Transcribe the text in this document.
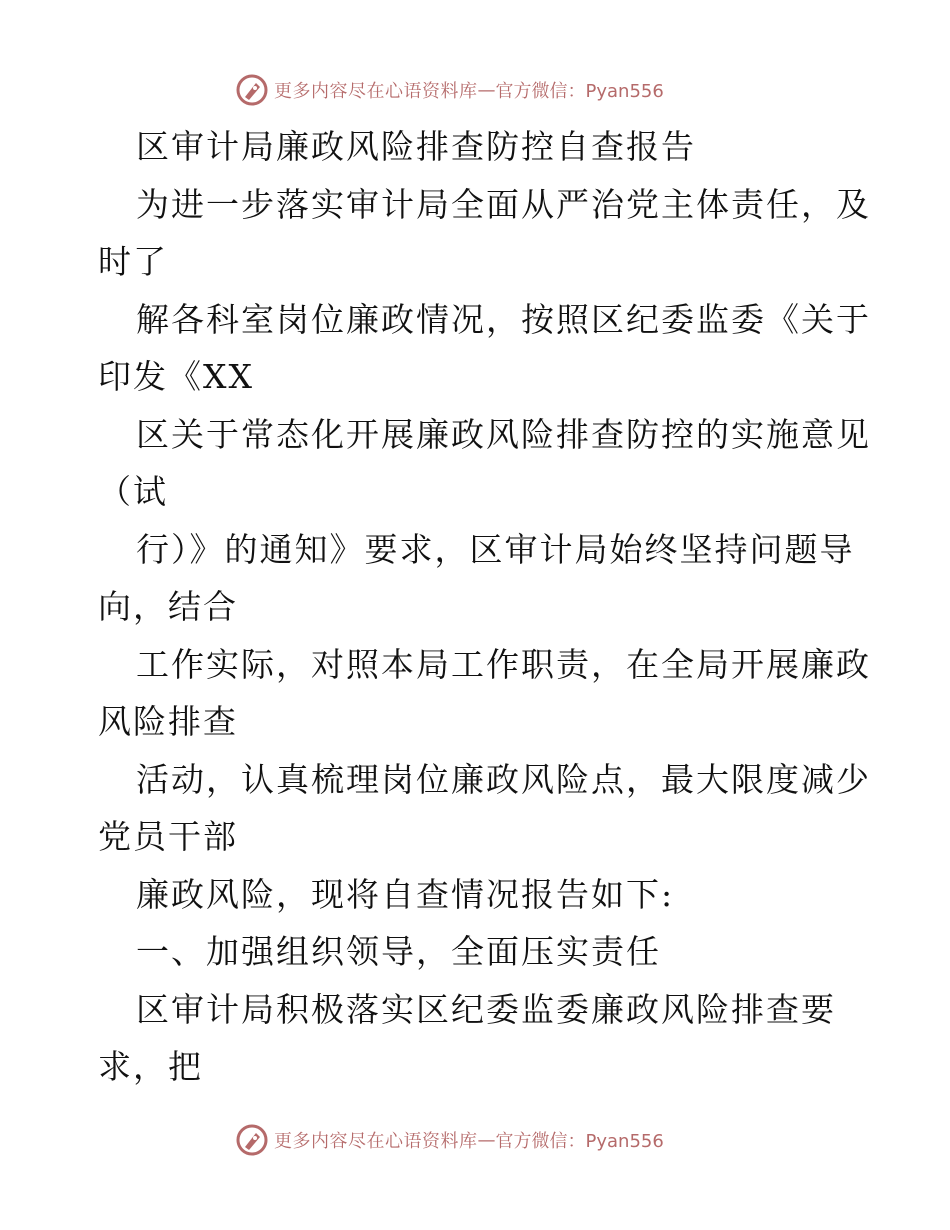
更多内容尽在心语资料库 — 官方微信：Pyan556
区审计局廉政风险排查防控自查报告
为进一步落实审计局全面从严治党主体责任，及
时了
解各科室岗位廉政情况，按照区纪委监委《关于
印发《XX
区关于常态化开展廉政风险排查防控的实施意见
（试
行）》的通知》要求，区审计局始终坚持问题导
向，结合
工作实际，对照本局工作职责，在全局开展廉政
风险排查
活动，认真梳理岗位廉政风险点，最大限度减少
党员干部
廉政风险，现将自查情况报告如下:
一、加强组织领导，全面压实责任
区审计局积极落实区纪委监委廉政风险排查要
求，把
更多内容尽在心语资料库 — 官方微信：Pyan556
